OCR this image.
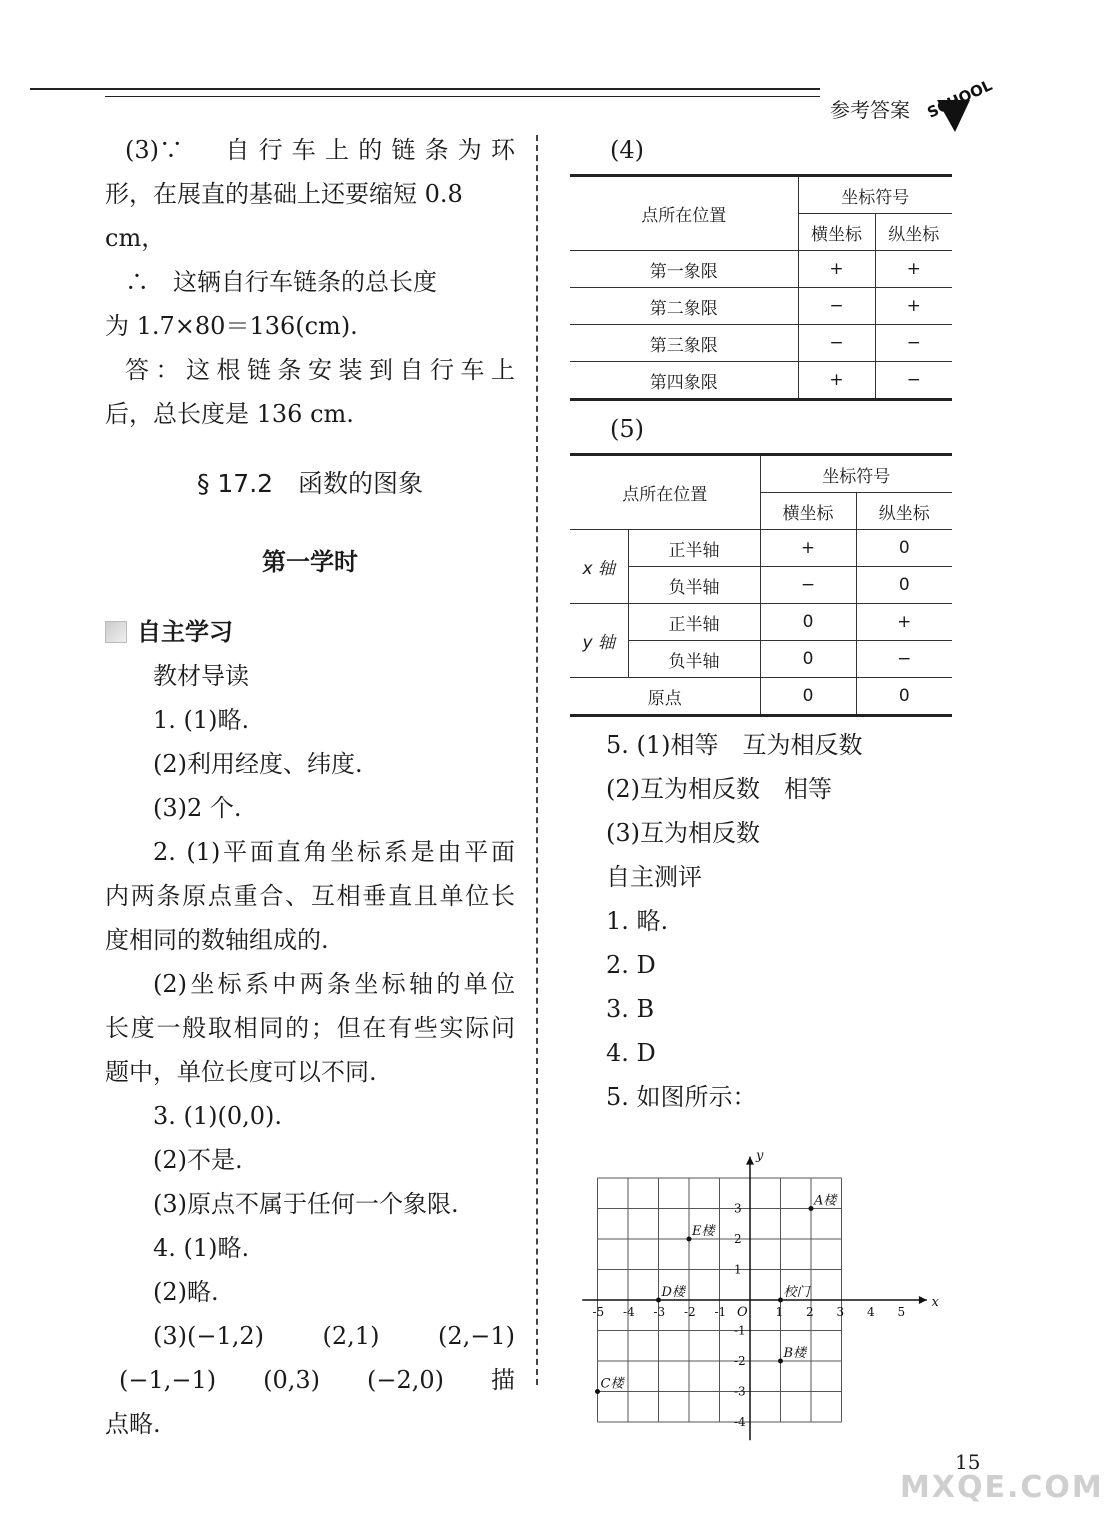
参考答案 SCHOOL

(3)∵　自行车上的链条为环

形，在展直的基础上还要缩短 0.8 cm，

∴　这辆自行车链条的总长度

为 1.7×80＝136(cm).

答：这根链条安装到自行车上

后，总长度是 136 cm.

§ 17.2　函数的图象

第一学时

自主学习

教材导读

1. (1)略.

(2)利用经度、纬度.

(3)2 个.

2. (1)平面直角坐标系是由平面

内两条原点重合、互相垂直且单位长

度相同的数轴组成的.

(2)坐标系中两条坐标轴的单位

长度一般取相同的；但在有些实际问

题中，单位长度可以不同.

3. (1)(0,0).

(2)不是.

(3)原点不属于任何一个象限.

4. (1)略.

(2)略.

(3)(−1,2)　(2,1)　(2,−1)

(−1,−1)　(0,3)　(−2,0)　描

点略.

(4)

点所在位置	坐标符号	
	横坐标	纵坐标
第一象限	+	+
第二象限	−	+
第三象限	−	−
第四象限	+	−

(5)

点所在位置		坐标符号	
		横坐标	纵坐标
x 轴	正半轴	+	0
	负半轴	−	0
y 轴	正半轴	0	+
	负半轴	0	−
原点		0	0

5. (1)相等　互为相反数

(2)互为相反数　相等

(3)互为相反数

自主测评

1. 略.

2. D

3. B

4. D

5. 如图所示：

x
y
O
-5 -4 -3 -2 -1	1 2 3 4 5
3
2
1
-1
-2
-3
-4
A楼
E楼
D楼	校门
B楼
C楼
15
MXQE.COM
